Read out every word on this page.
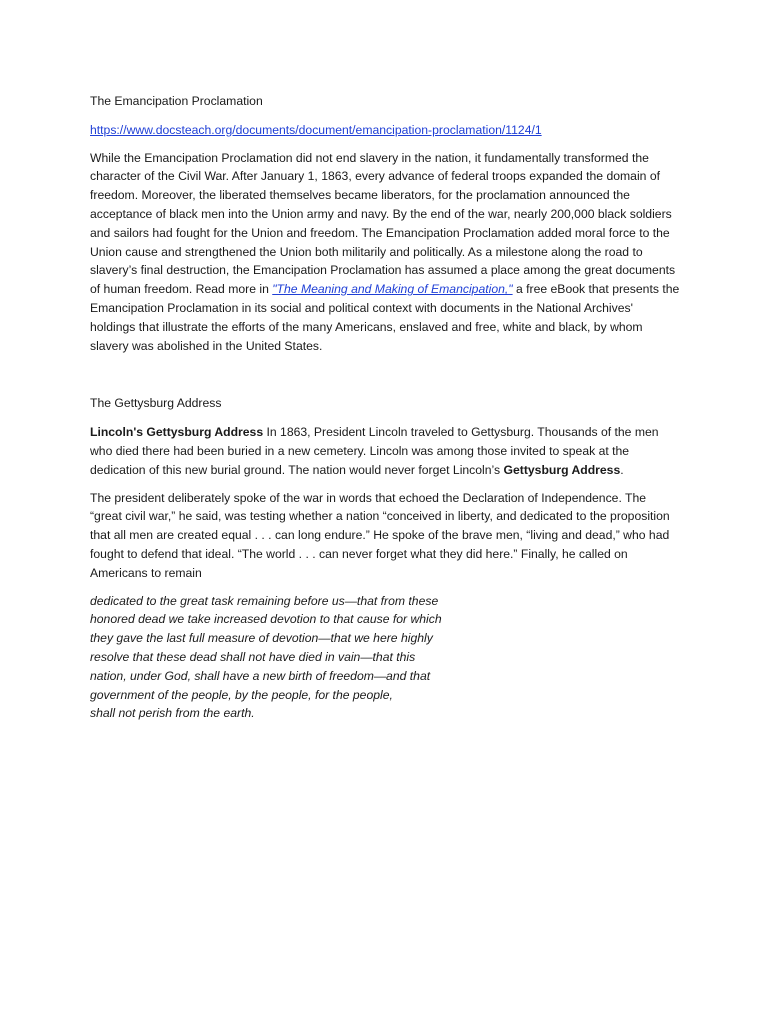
The Emancipation Proclamation

https://www.docsteach.org/documents/document/emancipation-proclamation/1124/1

While the Emancipation Proclamation did not end slavery in the nation, it fundamentally transformed the character of the Civil War. After January 1, 1863, every advance of federal troops expanded the domain of freedom. Moreover, the liberated themselves became liberators, for the proclamation announced the acceptance of black men into the Union army and navy. By the end of the war, nearly 200,000 black soldiers and sailors had fought for the Union and freedom. The Emancipation Proclamation added moral force to the Union cause and strengthened the Union both militarily and politically. As a milestone along the road to slavery’s final destruction, the Emancipation Proclamation has assumed a place among the great documents of human freedom. Read more in "The Meaning and Making of Emancipation," a free eBook that presents the Emancipation Proclamation in its social and political context with documents in the National Archives' holdings that illustrate the efforts of the many Americans, enslaved and free, white and black, by whom slavery was abolished in the United States.

The Gettysburg Address

Lincoln's Gettysburg Address In 1863, President Lincoln traveled to Gettysburg. Thousands of the men who died there had been buried in a new cemetery. Lincoln was among those invited to speak at the dedication of this new burial ground. The nation would never forget Lincoln’s Gettysburg Address.

The president deliberately spoke of the war in words that echoed the Declaration of Independence. The “great civil war,” he said, was testing whether a nation “conceived in liberty, and dedicated to the proposition that all men are created equal . . . can long endure.” He spoke of the brave men, “living and dead,” who had fought to defend that ideal. “The world . . . can never forget what they did here.” Finally, he called on Americans to remain

dedicated to the great task remaining before us—that from these
honored dead we take increased devotion to that cause for which
they gave the last full measure of devotion—that we here highly
resolve that these dead shall not have died in vain—that this
nation, under God, shall have a new birth of freedom—and that
government of the people, by the people, for the people,
shall not perish from the earth.
